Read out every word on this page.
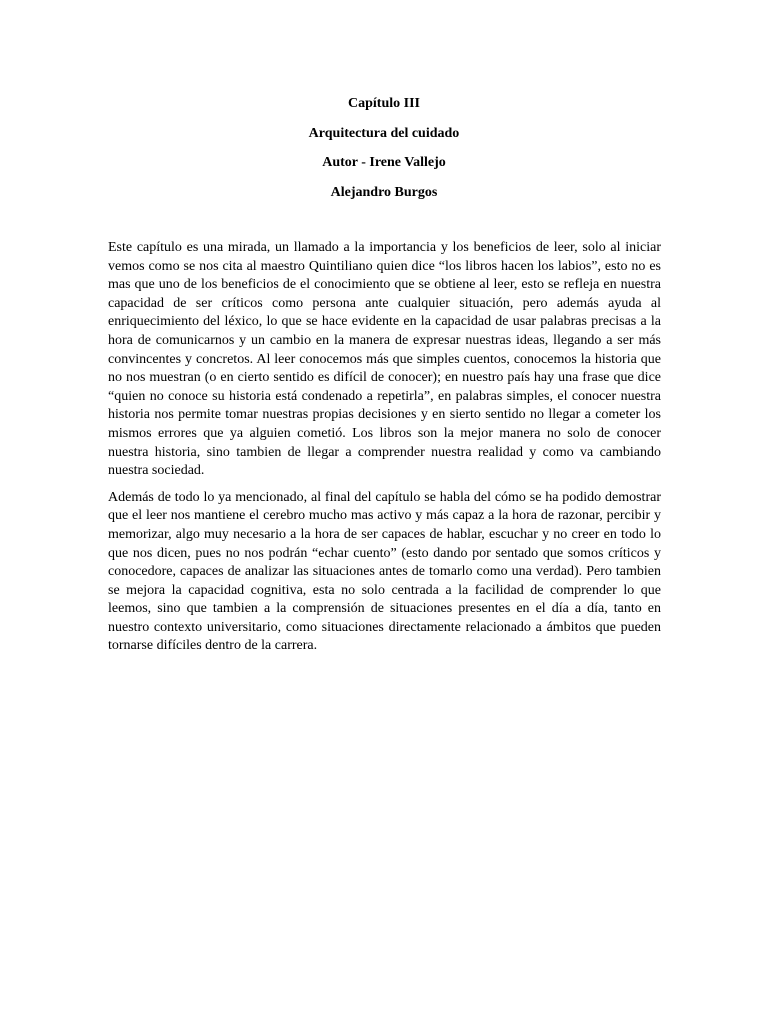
Capítulo III
Arquitectura del cuidado
Autor - Irene Vallejo
Alejandro Burgos

Este capítulo es una mirada, un llamado a la importancia y los beneficios de leer, solo al iniciar vemos como se nos cita al maestro Quintiliano quien dice “los libros hacen los labios”, esto no es mas que uno de los beneficios de el conocimiento que se obtiene al leer, esto se refleja en nuestra capacidad de ser críticos como persona ante cualquier situación, pero además ayuda al enriquecimiento del léxico, lo que se hace evidente en la capacidad de usar palabras precisas a la hora de comunicarnos y un cambio en la manera de expresar nuestras ideas, llegando a ser más convincentes y concretos. Al leer conocemos más que simples cuentos, conocemos la historia que no nos muestran (o en cierto sentido es difícil de conocer); en nuestro país hay una frase que dice “quien no conoce su historia está condenado a repetirla”, en palabras simples, el conocer nuestra historia nos permite tomar nuestras propias decisiones y en sierto sentido no llegar a cometer los mismos errores que ya alguien cometió. Los libros son la mejor manera no solo de conocer nuestra historia, sino tambien de llegar a comprender nuestra realidad y como va cambiando nuestra sociedad.

Además de todo lo ya mencionado, al final del capítulo se habla del cómo se ha podido demostrar que el leer nos mantiene el cerebro mucho mas activo y más capaz a la hora de razonar, percibir y memorizar, algo muy necesario a la hora de ser capaces de hablar, escuchar y no creer en todo lo que nos dicen, pues no nos podrán “echar cuento” (esto dando por sentado que somos críticos y conocedore, capaces de analizar las situaciones antes de tomarlo como una verdad). Pero tambien se mejora la capacidad cognitiva, esta no solo centrada a la facilidad de comprender lo que leemos, sino que tambien a la comprensión de situaciones presentes en el día a día, tanto en nuestro contexto universitario, como situaciones directamente relacionado a ámbitos que pueden tornarse difíciles dentro de la carrera.
